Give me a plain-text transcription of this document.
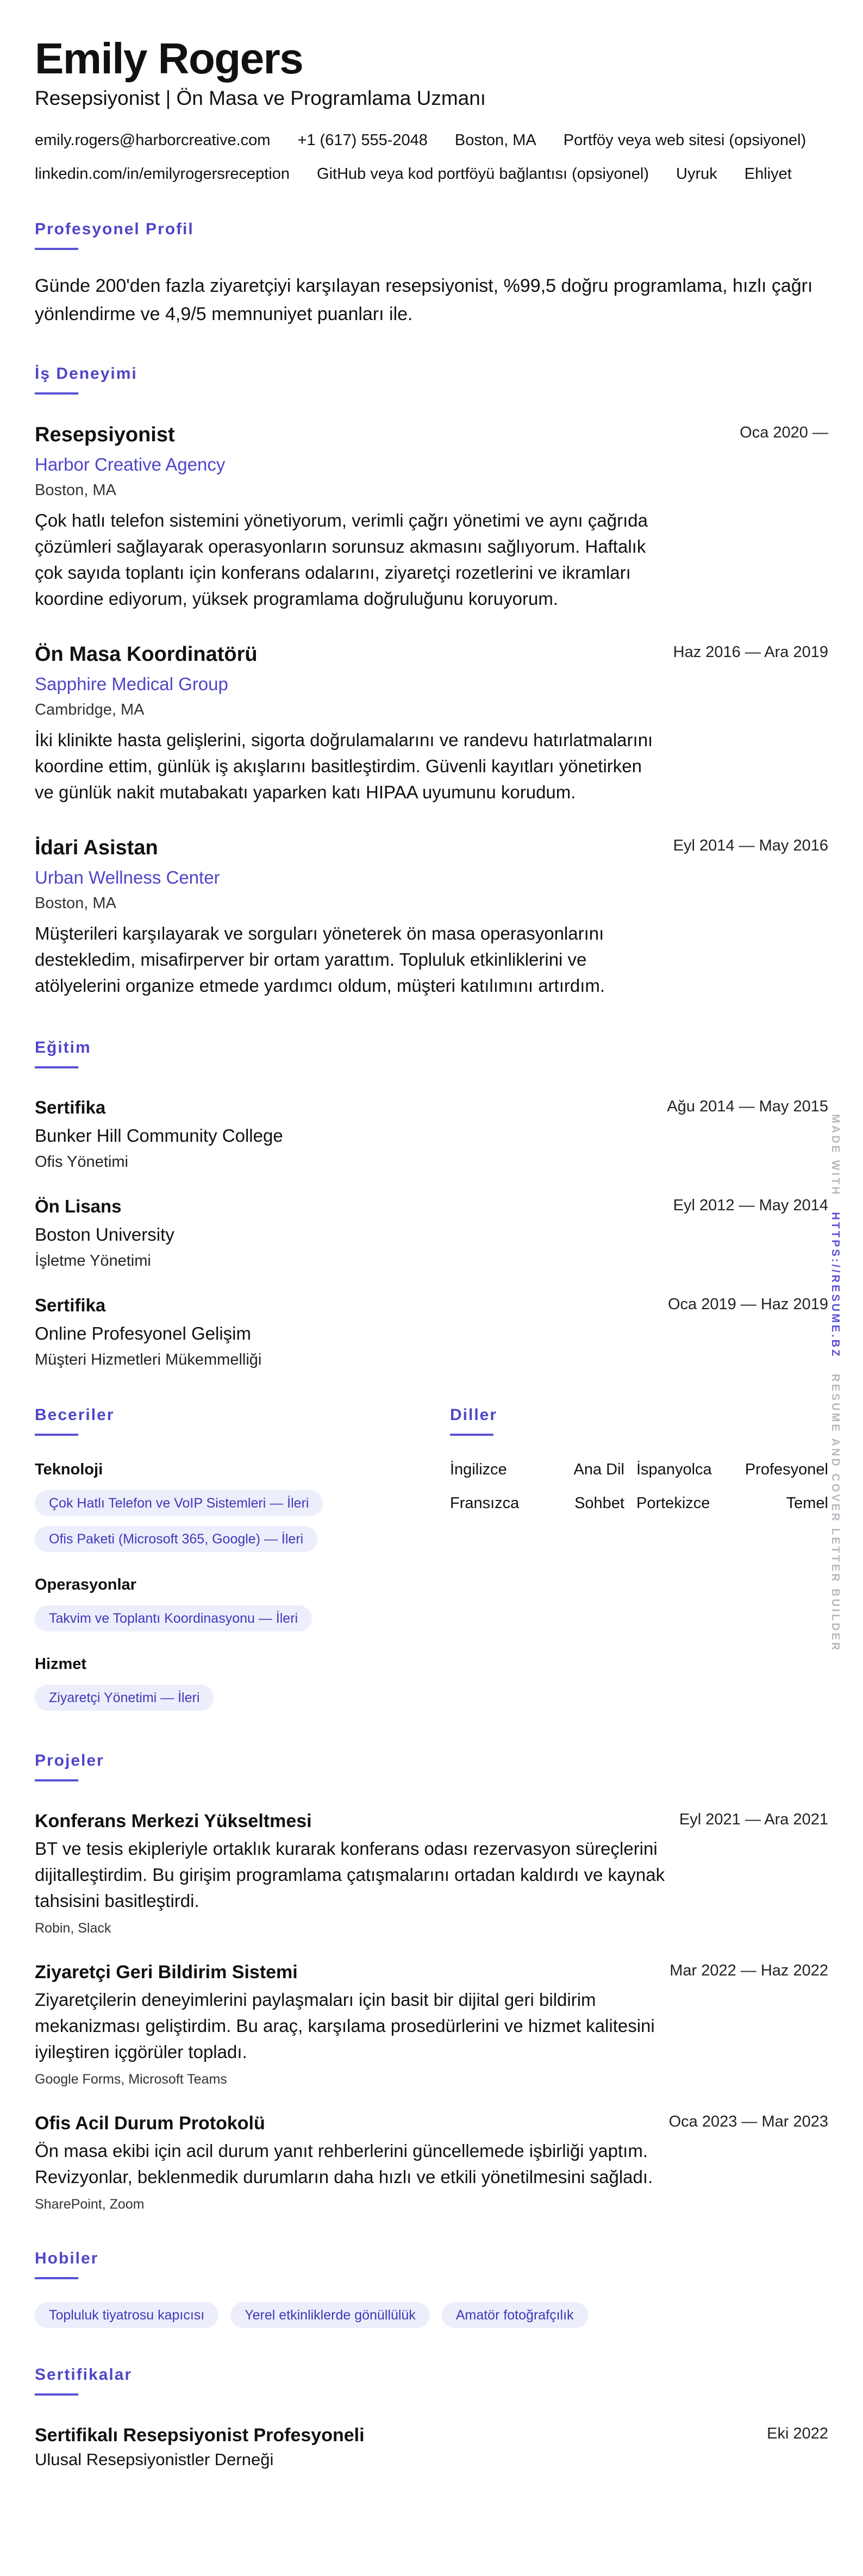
Emily Rogers
Resepsiyonist | Ön Masa ve Programlama Uzmanı
emily.rogers@harborcreative.com +1 (617) 555-2048 Boston, MA Portföy veya web sitesi (opsiyonel)
linkedin.com/in/emilyrogersreception GitHub veya kod portföyü bağlantısı (opsiyonel) Uyruk Ehliyet
Profesyonel Profil

Günde 200'den fazla ziyaretçiyi karşılayan resepsiyonist, %99,5 doğru programlama, hızlı çağrı yönlendirme ve 4,9/5 memnuniyet puanları ile.

İş Deneyimi
Oca 2020 —
Resepsiyonist
Harbor Creative Agency
Boston, MA

Çok hatlı telefon sistemini yönetiyorum, verimli çağrı yönetimi ve aynı çağrıda çözümleri sağlayarak operasyonların sorunsuz akmasını sağlıyorum. Haftalık çok sayıda toplantı için konferans odalarını, ziyaretçi rozetlerini ve ikramları koordine ediyorum, yüksek programlama doğruluğunu koruyorum.

Haz 2016 — Ara 2019
Ön Masa Koordinatörü
Sapphire Medical Group
Cambridge, MA

İki klinikte hasta gelişlerini, sigorta doğrulamalarını ve randevu hatırlatmalarını koordine ettim, günlük iş akışlarını basitleştirdim. Güvenli kayıtları yönetirken ve günlük nakit mutabakatı yaparken katı HIPAA uyumunu korudum.

Eyl 2014 — May 2016
İdari Asistan
Urban Wellness Center
Boston, MA

Müşterileri karşılayarak ve sorguları yöneterek ön masa operasyonlarını destekledim, misafirperver bir ortam yarattım. Topluluk etkinliklerini ve atölyelerini organize etmede yardımcı oldum, müşteri katılımını artırdım.

Eğitim
Ağu 2014 — May 2015
Sertifika
Bunker Hill Community College
Ofis Yönetimi
Eyl 2012 — May 2014
Ön Lisans
Boston University
İşletme Yönetimi
Oca 2019 — Haz 2019
Sertifika
Online Profesyonel Gelişim
Müşteri Hizmetleri Mükemmelliği
Beceriler
Teknoloji
Çok Hatlı Telefon ve VoIP Sistemleri — İleri
Ofis Paketi (Microsoft 365, Google) — İleri
Operasyonlar
Takvim ve Toplantı Koordinasyonu — İleri
Hizmet
Ziyaretçi Yönetimi — İleri
Diller
İngilizce	Ana Dil İspanyolca	Profesyonel
Fransızca	Sohbet Portekizce	Temel
Projeler
Eyl 2021 — Ara 2021
Konferans Merkezi Yükseltmesi

BT ve tesis ekipleriyle ortaklık kurarak konferans odası rezervasyon süreçlerini dijitalleştirdim. Bu girişim programlama çatışmalarını ortadan kaldırdı ve kaynak tahsisini basitleştirdi.

Robin, Slack
Mar 2022 — Haz 2022
Ziyaretçi Geri Bildirim Sistemi

Ziyaretçilerin deneyimlerini paylaşmaları için basit bir dijital geri bildirim mekanizması geliştirdim. Bu araç, karşılama prosedürlerini ve hizmet kalitesini iyileştiren içgörüler topladı.

Google Forms, Microsoft Teams
Oca 2023 — Mar 2023
Ofis Acil Durum Protokolü

Ön masa ekibi için acil durum yanıt rehberlerini güncellemede işbirliği yaptım. Revizyonlar, beklenmedik durumların daha hızlı ve etkili yönetilmesini sağladı.

SharePoint, Zoom
Hobiler
Topluluk tiyatrosu kapıcısı	Yerel etkinliklerde gönüllülük	Amatör fotoğrafçılık
Sertifikalar
Eki 2022
Sertifikalı Resepsiyonist Profesyoneli
Ulusal Resepsiyonistler Derneği
MADE WITH   HTTPS://RESUME.BZ   RESUME AND COVER LETTER BUILDER
